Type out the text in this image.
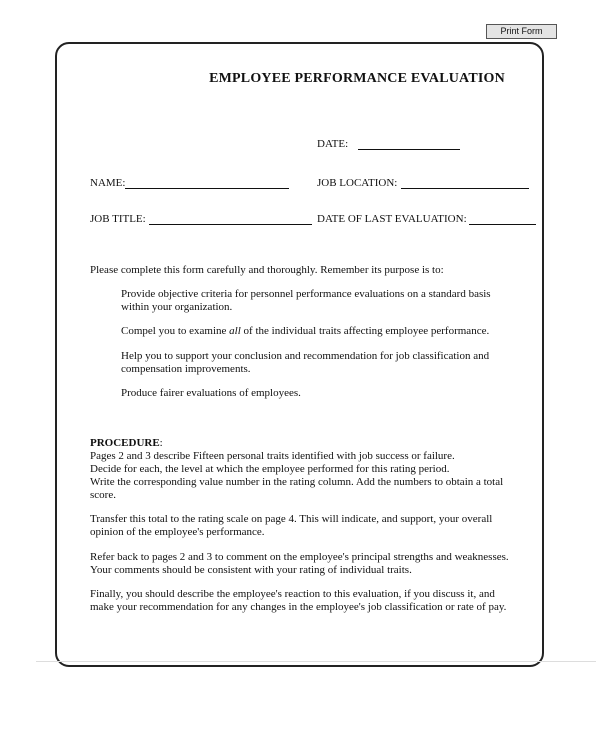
Print Form
EMPLOYEE PERFORMANCE EVALUATION
DATE:
NAME:	JOB LOCATION:
JOB TITLE:	DATE OF LAST EVALUATION:
Please complete this form carefully and thoroughly. Remember its purpose is to:
Provide objective criteria for personnel performance evaluations on a standard basis
within your organization.
Compel you to examine all of the individual traits affecting employee performance.
Help you to support your conclusion and recommendation for job classification and
compensation improvements.
Produce fairer evaluations of employees.
PROCEDURE:
Pages 2 and 3 describe Fifteen personal traits identified with job success or failure.
Decide for each, the level at which the employee performed for this rating period.
Write the corresponding value number in the rating column. Add the numbers to obtain a total
score.
Transfer this total to the rating scale on page 4. This will indicate, and support, your overall
opinion of the employee's performance.
Refer back to pages 2 and 3 to comment on the employee's principal strengths and weaknesses.
Your comments should be consistent with your rating of individual traits.
Finally, you should describe the employee's reaction to this evaluation, if you discuss it, and
make your recommendation for any changes in the employee's job classification or rate of pay.
